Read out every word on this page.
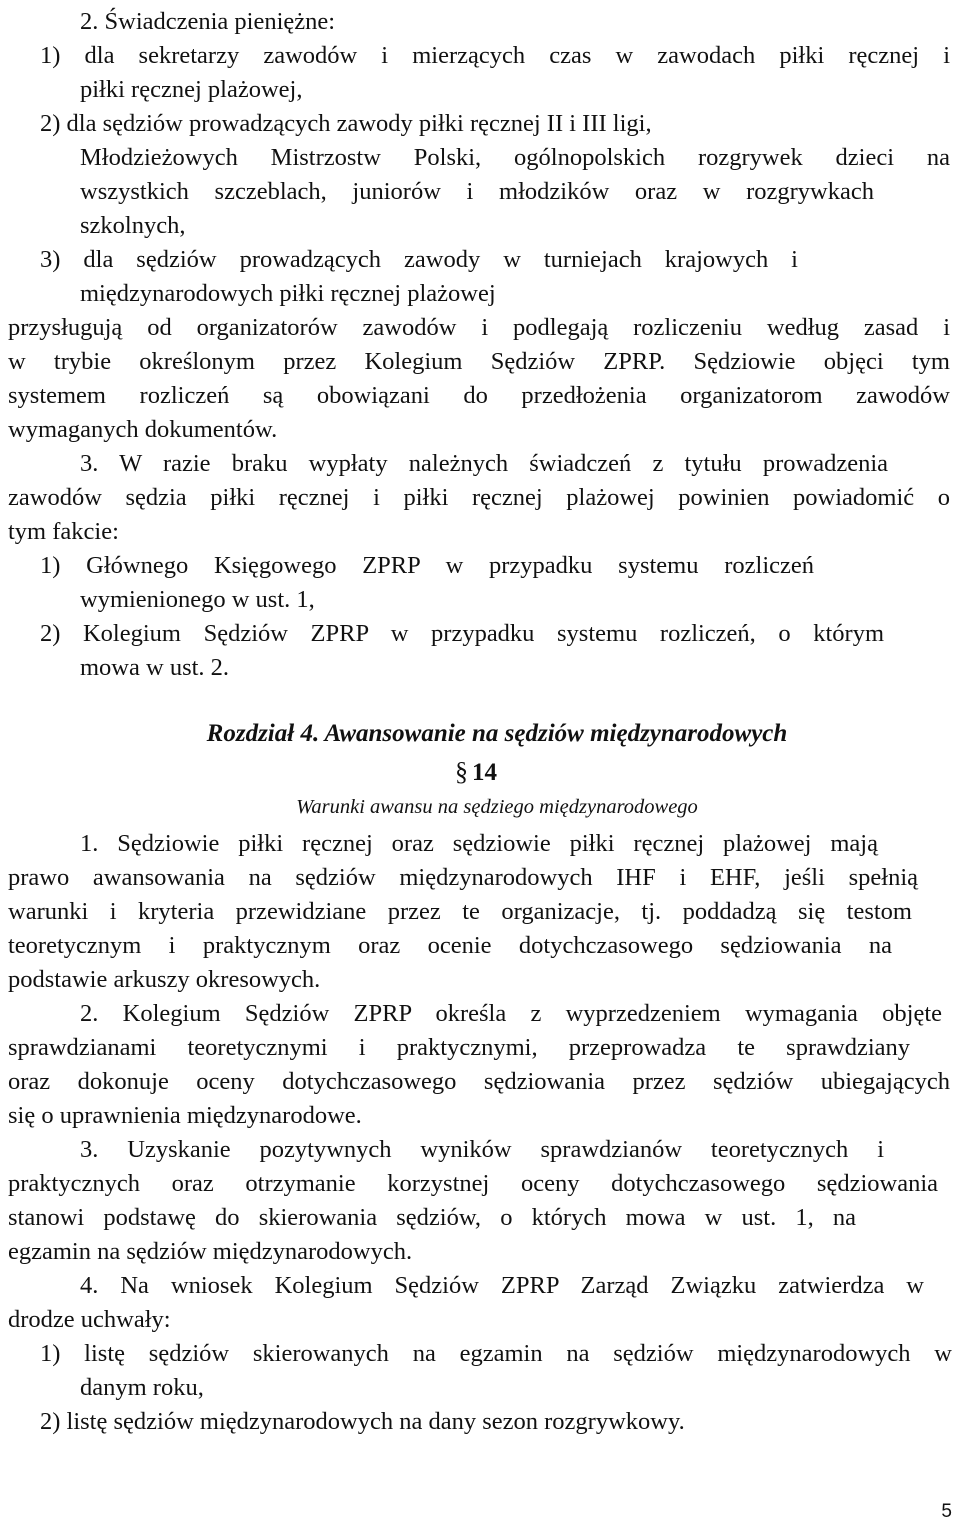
2. Świadczenia pieniężne:

1) dla sekretarzy zawodów i mierzących czas w zawodach piłki ręcznej i

piłki ręcznej plażowej,

2) dla sędziów prowadzących zawody piłki ręcznej II i III ligi,

Młodzieżowych Mistrzostw Polski, ogólnopolskich rozgrywek dzieci na

wszystkich szczeblach, juniorów i młodzików oraz w rozgrywkach

szkolnych,

3) dla sędziów prowadzących zawody w turniejach krajowych i

międzynarodowych piłki ręcznej plażowej

przysługują od organizatorów zawodów i podlegają rozliczeniu według zasad i

w trybie określonym przez Kolegium Sędziów ZPRP. Sędziowie objęci tym

systemem rozliczeń są obowiązani do przedłożenia organizatorom zawodów

wymaganych dokumentów.

3. W razie braku wypłaty należnych świadczeń z tytułu prowadzenia

zawodów sędzia piłki ręcznej i piłki ręcznej plażowej powinien powiadomić o

tym fakcie:

1) Głównego Księgowego ZPRP w przypadku systemu rozliczeń

wymienionego w ust. 1,

2) Kolegium Sędziów ZPRP w przypadku systemu rozliczeń, o którym

mowa w ust. 2.

Rozdział 4. Awansowanie na sędziów międzynarodowych

§ 14

Warunki awansu na sędziego międzynarodowego

1. Sędziowie piłki ręcznej oraz sędziowie piłki ręcznej plażowej mają

prawo awansowania na sędziów międzynarodowych IHF i EHF, jeśli spełnią

warunki i kryteria przewidziane przez te organizacje, tj. poddadzą się testom

teoretycznym i praktycznym oraz ocenie dotychczasowego sędziowania na

podstawie arkuszy okresowych.

2. Kolegium Sędziów ZPRP określa z wyprzedzeniem wymagania objęte

sprawdzianami teoretycznymi i praktycznymi, przeprowadza te sprawdziany

oraz dokonuje oceny dotychczasowego sędziowania przez sędziów ubiegających

się o uprawnienia międzynarodowe.

3. Uzyskanie pozytywnych wyników sprawdzianów teoretycznych i

praktycznych oraz otrzymanie korzystnej oceny dotychczasowego sędziowania

stanowi podstawę do skierowania sędziów, o których mowa w ust. 1, na

egzamin na sędziów międzynarodowych.

4. Na wniosek Kolegium Sędziów ZPRP Zarząd Związku zatwierdza w

drodze uchwały:

1) listę sędziów skierowanych na egzamin na sędziów międzynarodowych w

danym roku,

2) listę sędziów międzynarodowych na dany sezon rozgrywkowy.

5
